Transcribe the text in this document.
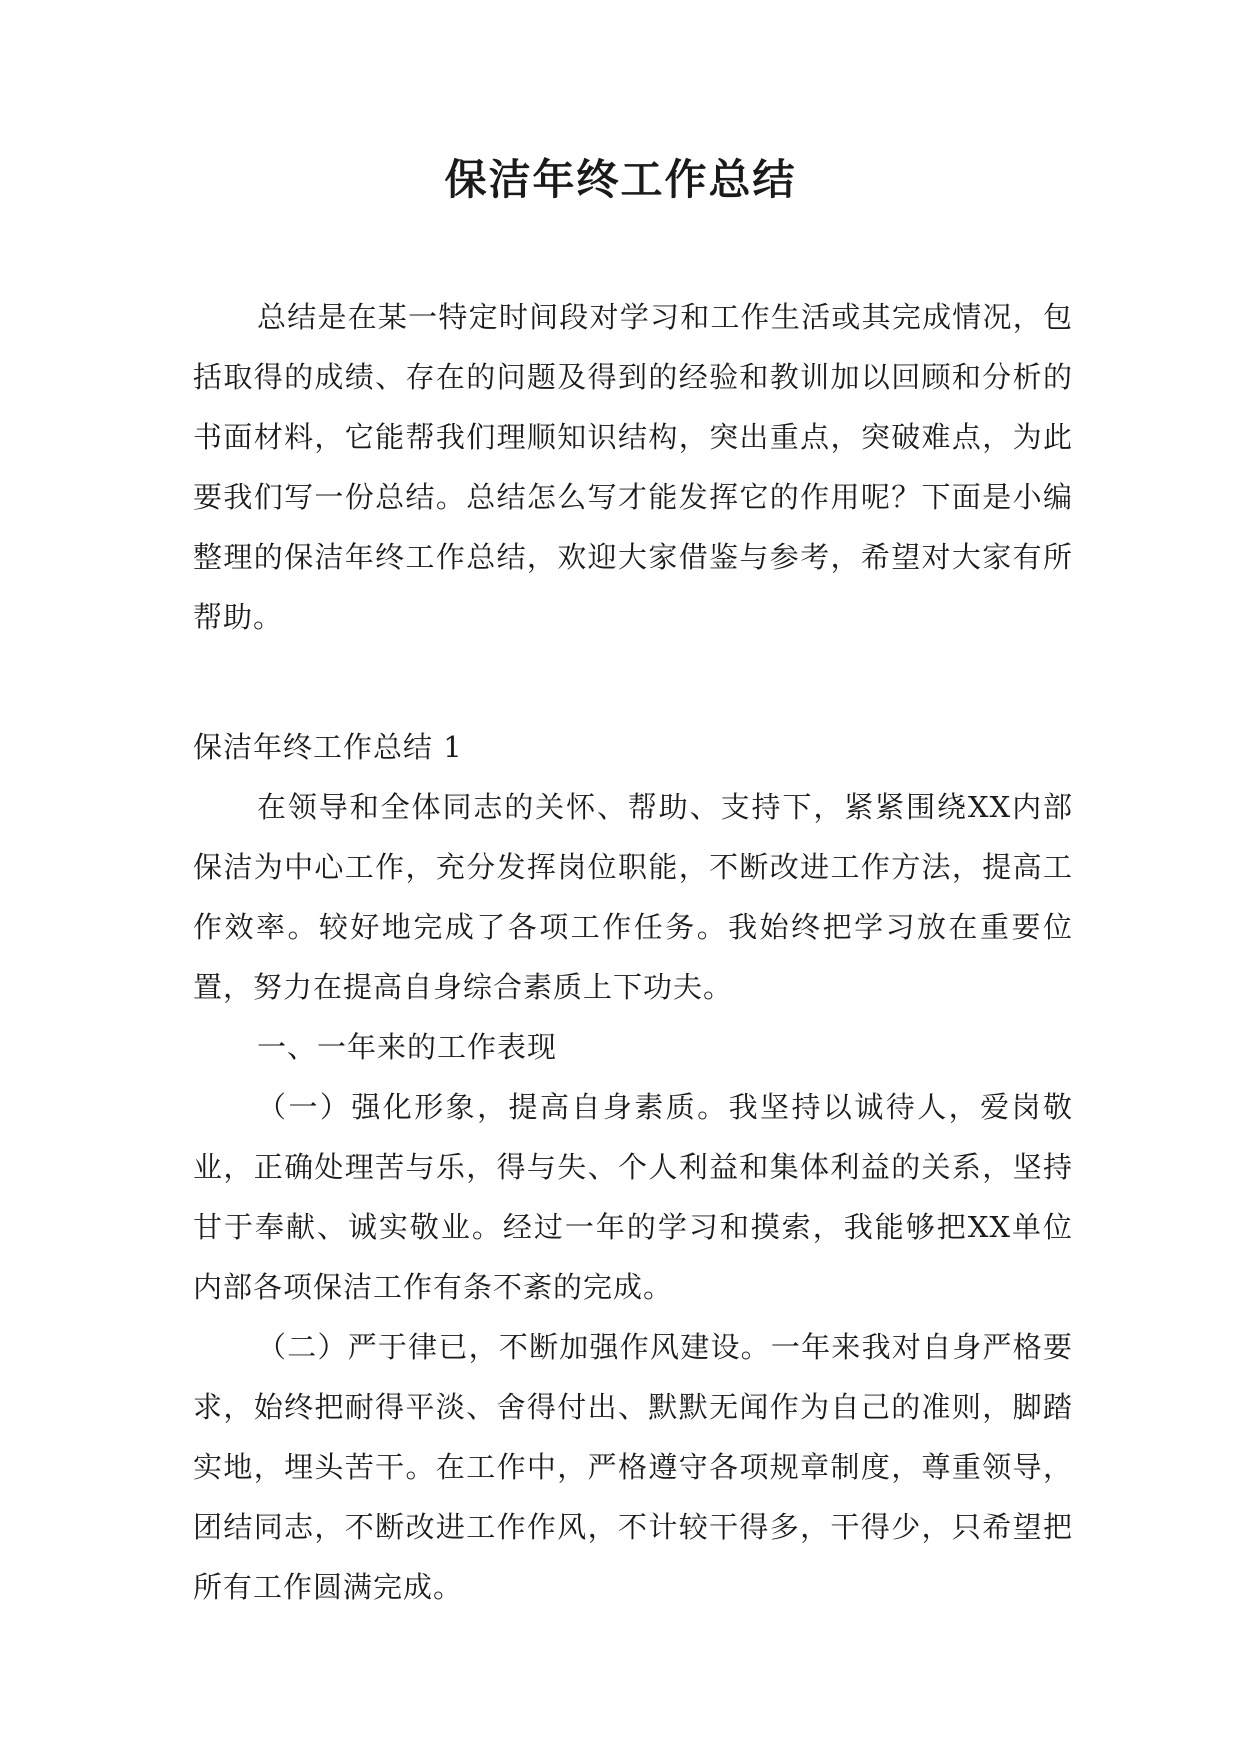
保洁年终工作总结

总结是在某一特定时间段对学习和工作生活或其完成情况，包括取得的成绩、存在的问题及得到的经验和教训加以回顾和分析的书面材料，它能帮我们理顺知识结构，突出重点，突破难点，为此要我们写一份总结。总结怎么写才能发挥它的作用呢？下面是小编整理的保洁年终工作总结，欢迎大家借鉴与参考，希望对大家有所帮助。

保洁年终工作总结 1

在领导和全体同志的关怀、帮助、支持下，紧紧围绕XX内部保洁为中心工作，充分发挥岗位职能，不断改进工作方法，提高工作效率。较好地完成了各项工作任务。我始终把学习放在重要位置，努力在提高自身综合素质上下功夫。

一、一年来的工作表现

（一）强化形象，提高自身素质。我坚持以诚待人，爱岗敬业，正确处理苦与乐，得与失、个人利益和集体利益的关系，坚持甘于奉献、诚实敬业。经过一年的学习和摸索，我能够把XX单位内部各项保洁工作有条不紊的完成。

（二）严于律已，不断加强作风建设。一年来我对自身严格要求，始终把耐得平淡、舍得付出、默默无闻作为自己的准则，脚踏实地，埋头苦干。在工作中，严格遵守各项规章制度，尊重领导，团结同志，不断改进工作作风，不计较干得多，干得少，只希望把所有工作圆满完成。
